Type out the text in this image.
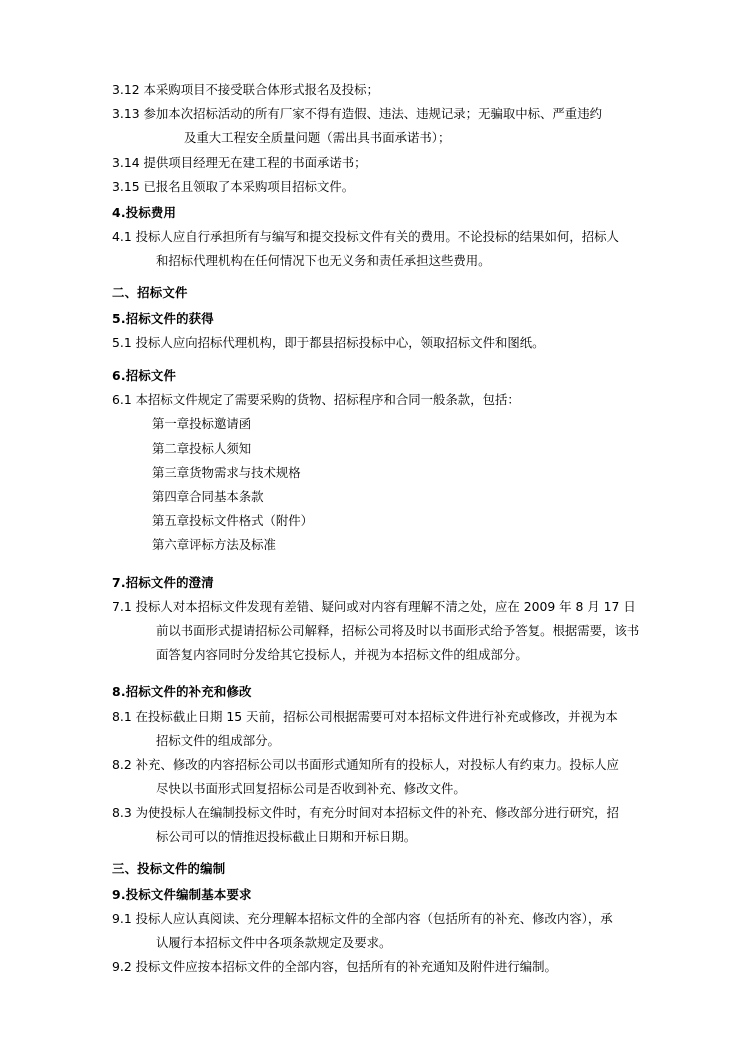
3.12 本采购项目不接受联合体形式报名及投标；

3.13 参加本次招标活动的所有厂家不得有造假、违法、违规记录；无骗取中标、严重违约

及重大工程安全质量问题（需出具书面承诺书）；

3.14 提供项目经理无在建工程的书面承诺书；

3.15 已报名且领取了本采购项目招标文件。

4.投标费用

4.1 投标人应自行承担所有与编写和提交投标文件有关的费用。不论投标的结果如何，招标人

和招标代理机构在任何情况下也无义务和责任承担这些费用。

二、招标文件

5.招标文件的获得

5.1 投标人应向招标代理机构，即于都县招标投标中心，领取招标文件和图纸。

6.招标文件

6.1 本招标文件规定了需要采购的货物、招标程序和合同一般条款，包括：

第一章投标邀请函

第二章投标人须知

第三章货物需求与技术规格

第四章合同基本条款

第五章投标文件格式（附件）

第六章评标方法及标准

7.招标文件的澄清

7.1 投标人对本招标文件发现有差错、疑问或对内容有理解不清之处，应在 2009 年 8 月 17 日

前以书面形式提请招标公司解释，招标公司将及时以书面形式给予答复。根据需要，该书

面答复内容同时分发给其它投标人，并视为本招标文件的组成部分。

8.招标文件的补充和修改

8.1 在投标截止日期 15 天前，招标公司根据需要可对本招标文件进行补充或修改，并视为本

招标文件的组成部分。

8.2 补充、修改的内容招标公司以书面形式通知所有的投标人，对投标人有约束力。投标人应

尽快以书面形式回复招标公司是否收到补充、修改文件。

8.3 为使投标人在编制投标文件时，有充分时间对本招标文件的补充、修改部分进行研究，招

标公司可以的情推迟投标截止日期和开标日期。

三、投标文件的编制

9.投标文件编制基本要求

9.1 投标人应认真阅读、充分理解本招标文件的全部内容（包括所有的补充、修改内容），承

认履行本招标文件中各项条款规定及要求。

9.2 投标文件应按本招标文件的全部内容，包括所有的补充通知及附件进行编制。
